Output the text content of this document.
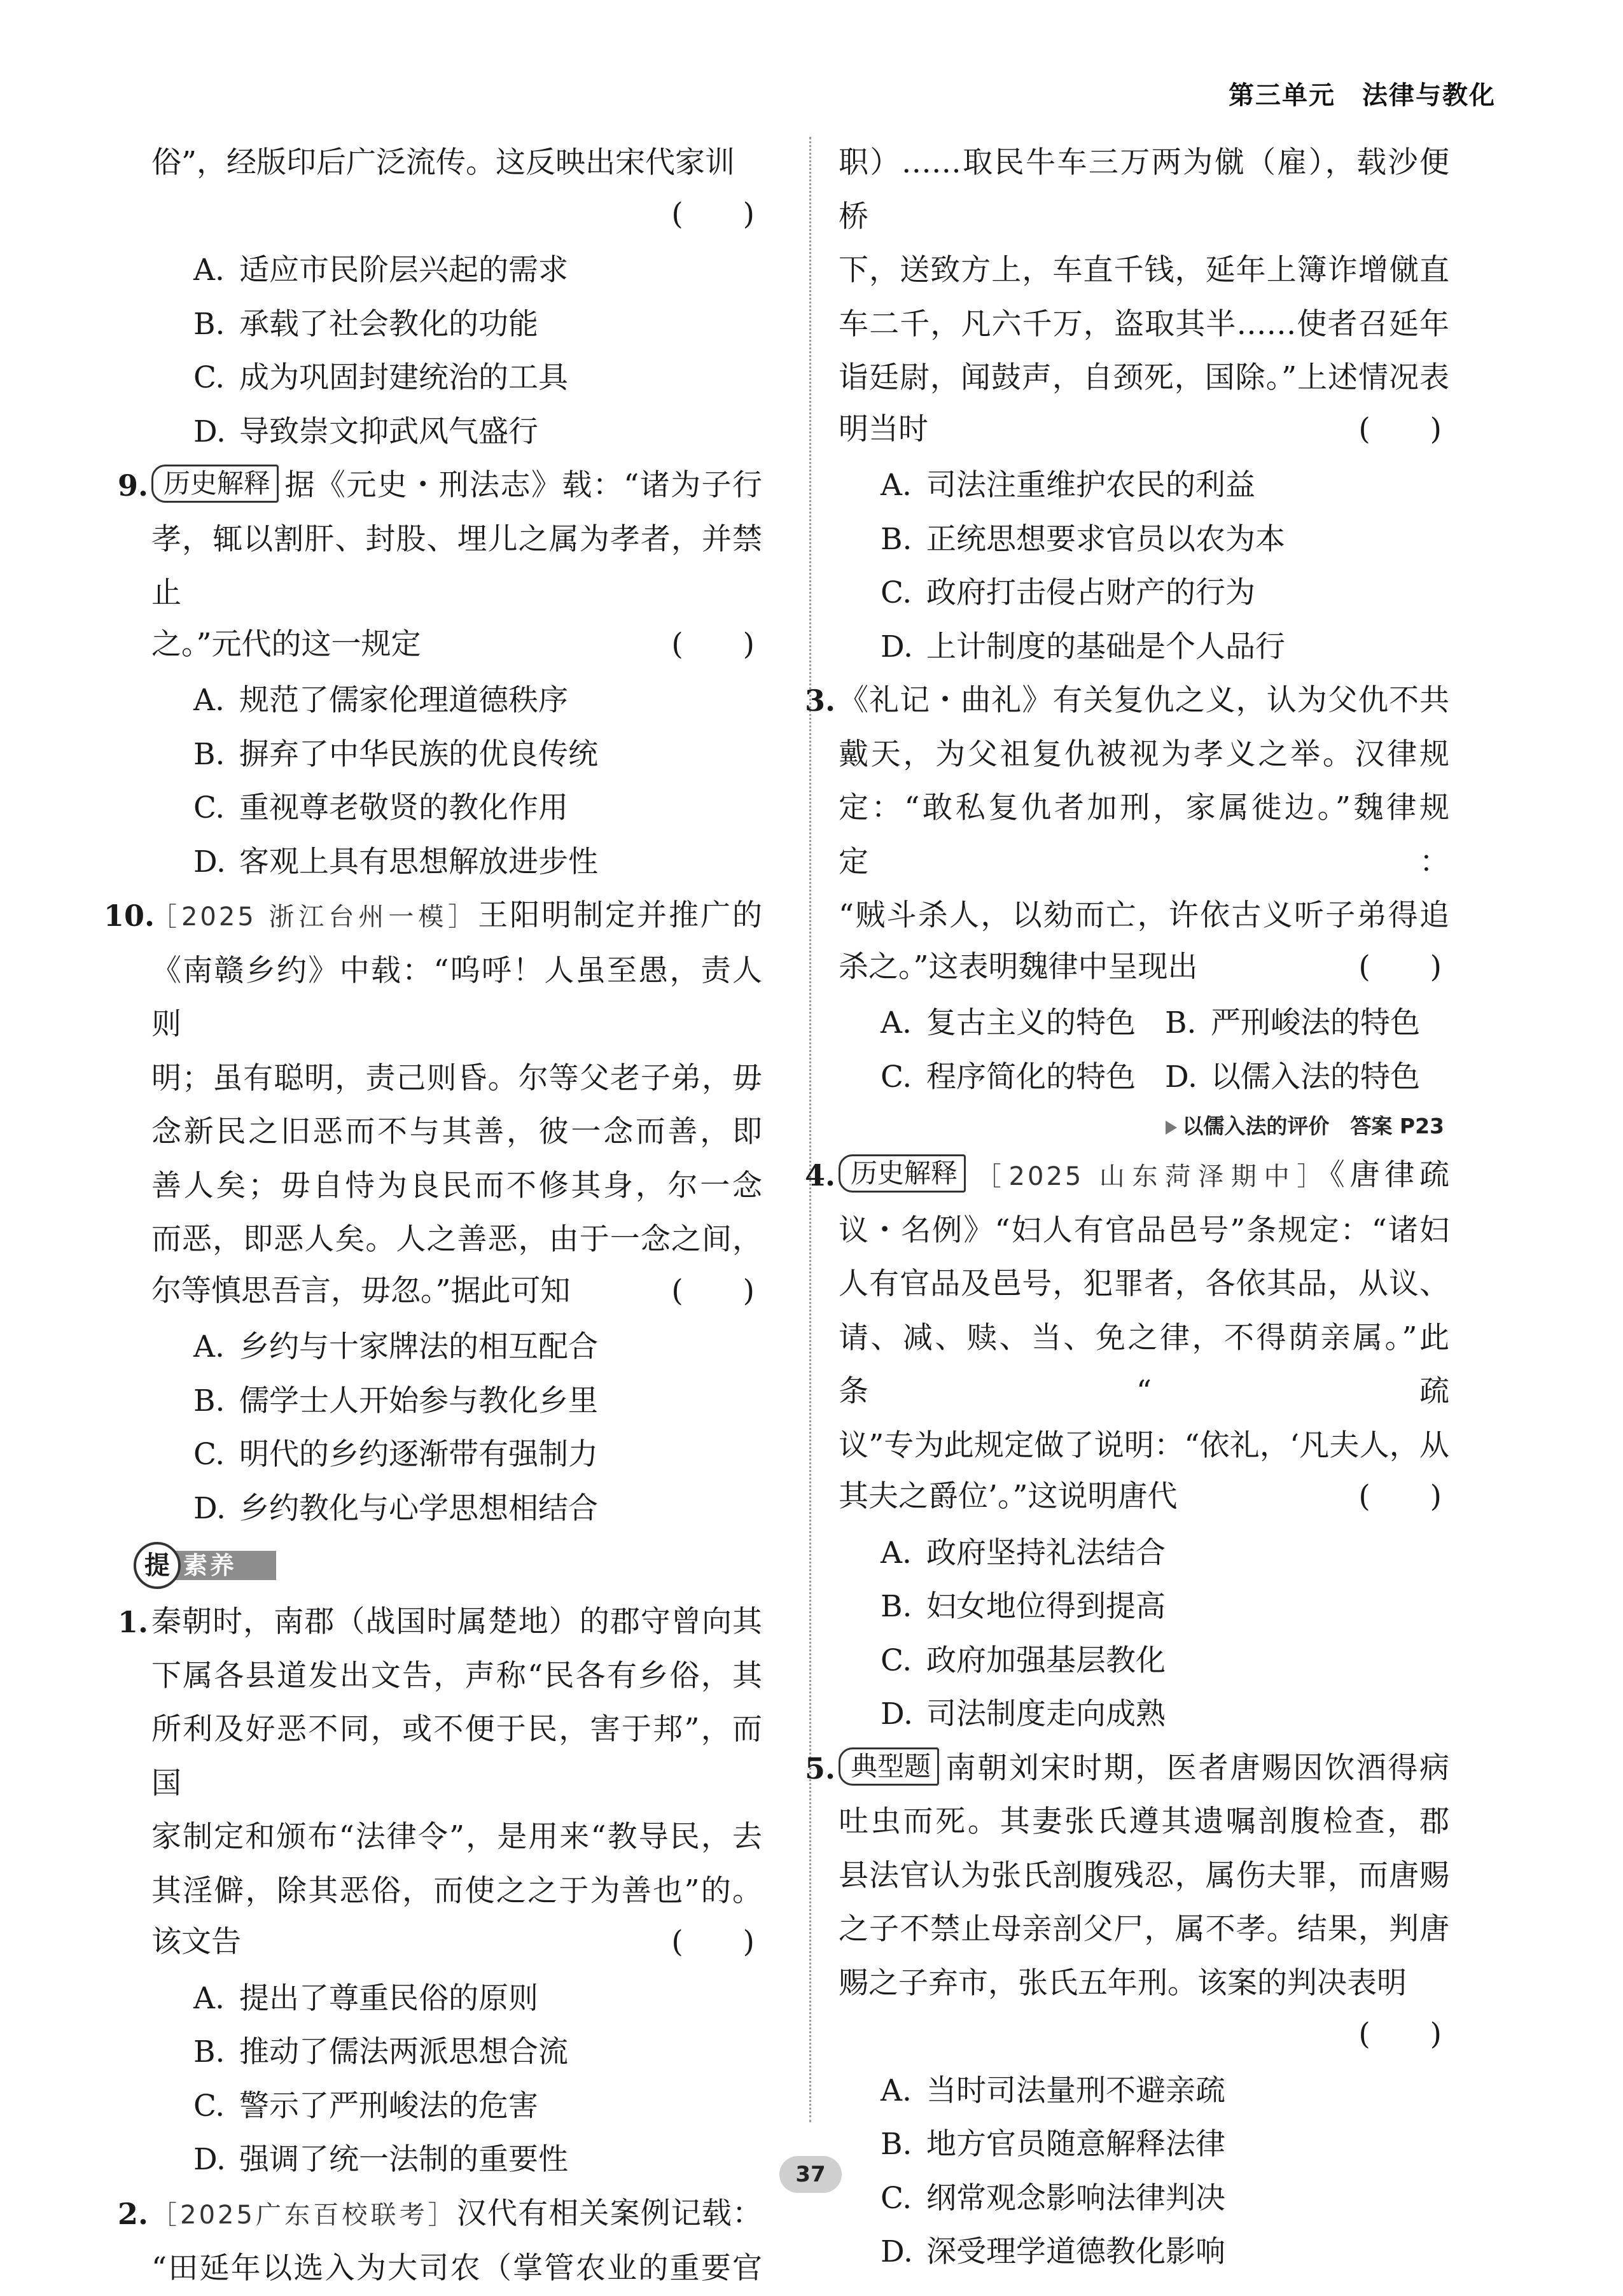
第三单元　 法律与教化
俗”，经版印后广泛流传。这反映出宋代家训
(　　)
A. 适应市民阶层兴起的需求
B. 承载了社会教化的功能
C. 成为巩固封建统治的工具
D. 导致崇文抑武风气盛行
9. 历史解释 据《元史・刑法志》载：“诸为子行
孝，辄以割肝、封股、埋儿之属为孝者，并禁止
之。”元代的这一规定	(　　)
A. 规范了儒家伦理道德秩序
B. 摒弃了中华民族的优良传统
C. 重视尊老敬贤的教化作用
D. 客观上具有思想解放进步性
10.
［2025 浙江台州一模］王阳明制定并推广的
《南赣乡约》中载：“呜呼！人虽至愚，责人则
明；虽有聪明，责己则昏。尔等父老子弟，毋
念新民之旧恶而不与其善，彼一念而善，即
善人矣；毋自恃为良民而不修其身，尔一念
而恶，即恶人矣。人之善恶，由于一念之间，
尔等慎思吾言，毋忽。”据此可知	(　　)
A. 乡约与十家牌法的相互配合
B. 儒学士人开始参与教化乡里
C. 明代的乡约逐渐带有强制力
D. 乡约教化与心学思想相结合
素养
提
1. 秦朝时，南郡（战国时属楚地）的郡守曾向其
下属各县道发出文告，声称“民各有乡俗，其
所利及好恶不同，或不便于民，害于邦”，而国
家制定和颁布“法律令”，是用来“教导民，去
其淫僻，除其恶俗，而使之之于为善也”的。
该文告	(　　)
A. 提出了尊重民俗的原则
B. 推动了儒法两派思想合流
C. 警示了严刑峻法的危害
D. 强调了统一法制的重要性
2. ［2025广东百校联考］汉代有相关案例记载：
“田延年以选入为大司农（掌管农业的重要官
职）……取民牛车三万两为僦（雇），载沙便桥
下，送致方上，车直千钱，延年上簿诈增僦直
车二千，凡六千万，盗取其半……使者召延年
诣廷尉，闻鼓声，自颈死，国除。”上述情况表
明当时	(　　)
A. 司法注重维护农民的利益
B. 正统思想要求官员以农为本
C. 政府打击侵占财产的行为
D. 上计制度的基础是个人品行
3. 《礼记・曲礼》有关复仇之义，认为父仇不共
戴天，为父祖复仇被视为孝义之举。汉律规
定：“敢私复仇者加刑，家属徙边。”魏律规定：
“贼斗杀人，以劾而亡，许依古义听子弟得追
杀之。”这表明魏律中呈现出	(　　)
A. 复古主义的特色 B. 严刑峻法的特色
C. 程序简化的特色 D. 以儒入法的特色
以儒入法的评价　答案 P23
4. 历史解释 ［2025 山东菏泽期中］《唐律疏
议・名例》“妇人有官品邑号”条规定：“诸妇
人有官品及邑号，犯罪者，各依其品，从议、
请、减、赎、当、免之律，不得荫亲属。”此条“疏
议”专为此规定做了说明：“依礼，‘凡夫人，从
其夫之爵位’。”这说明唐代	(　　)
A. 政府坚持礼法结合
B. 妇女地位得到提高
C. 政府加强基层教化
D. 司法制度走向成熟
5. 典型题 南朝刘宋时期，医者唐赐因饮酒得病
吐虫而死。其妻张氏遵其遗嘱剖腹检查，郡
县法官认为张氏剖腹残忍，属伤夫罪，而唐赐
之子不禁止母亲剖父尸，属不孝。结果，判唐
赐之子弃市，张氏五年刑。该案的判决表明
(　　)
A. 当时司法量刑不避亲疏
B. 地方官员随意解释法律
C. 纲常观念影响法律判决
D. 深受理学道德教化影响
37
